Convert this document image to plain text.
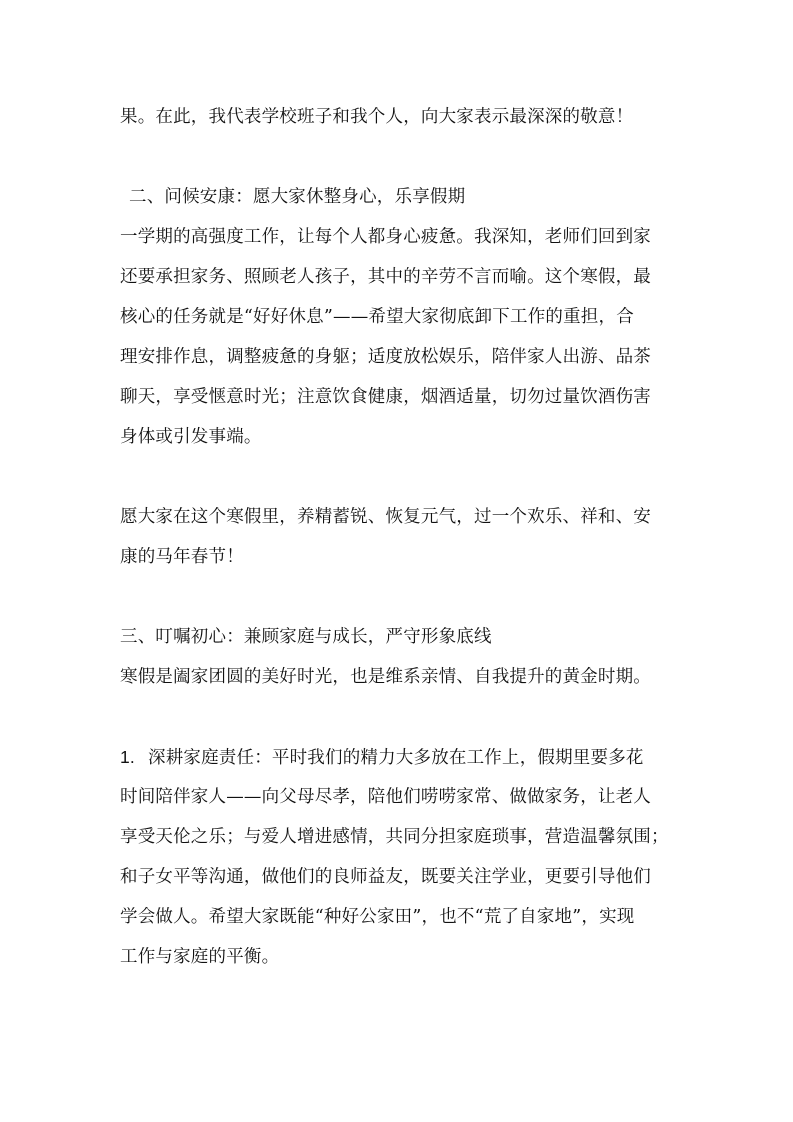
果。在此，我代表学校班子和我个人，向大家表示最深深的敬意！
二、问候安康：愿大家休整身心，乐享假期
一学期的高强度工作，让每个人都身心疲惫。我深知，老师们回到家
还要承担家务、照顾老人孩子，其中的辛劳不言而喻。这个寒假，最
核心的任务就是“好好休息”——希望大家彻底卸下工作的重担，合
理安排作息，调整疲惫的身躯；适度放松娱乐，陪伴家人出游、品茶
聊天，享受惬意时光；注意饮食健康，烟酒适量，切勿过量饮酒伤害
身体或引发事端。
愿大家在这个寒假里，养精蓄锐、恢复元气，过一个欢乐、祥和、安
康的马年春节！
三、叮嘱初心：兼顾家庭与成长，严守形象底线
寒假是阖家团圆的美好时光，也是维系亲情、自我提升的黄金时期。
1. 深耕家庭责任：平时我们的精力大多放在工作上，假期里要多花
时间陪伴家人——向父母尽孝，陪他们唠唠家常、做做家务，让老人
享受天伦之乐；与爱人增进感情，共同分担家庭琐事，营造温馨氛围；
和子女平等沟通，做他们的良师益友，既要关注学业，更要引导他们
学会做人。希望大家既能“种好公家田”，也不“荒了自家地”，实现
工作与家庭的平衡。
